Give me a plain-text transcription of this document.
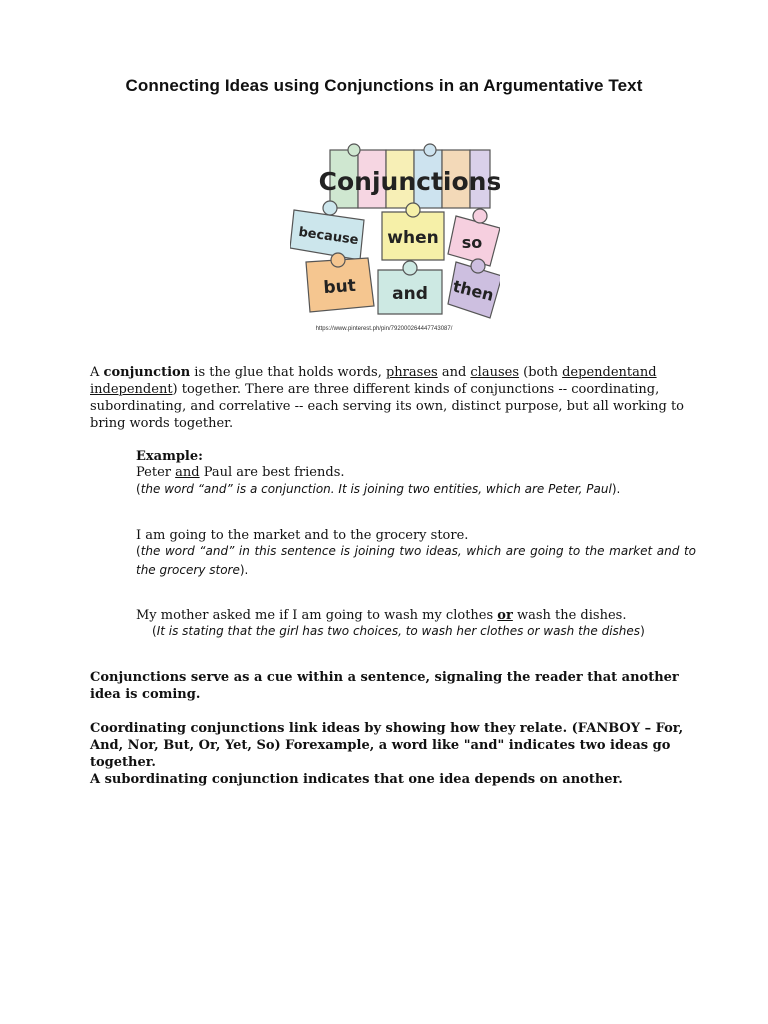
Connecting Ideas using Conjunctions in an Argumentative Text
Conjunctions
because when so
but and then
https://www.pinterest.ph/pin/792000264447743087/
A conjunction is the glue that holds words, phrases and clauses (both dependentand independent) together. There are three different kinds of conjunctions -- coordinating, subordinating, and correlative -- each serving its own, distinct purpose, but all working to bring words together.
Example:
Peter and Paul are best friends.
(the word “and” is a conjunction. It is joining two entities, which are Peter, Paul).
I am going to the market and to the grocery store.
(the word “and” in this sentence is joining two ideas, which are going to the market and to the grocery store).
My mother asked me if I am going to wash my clothes or wash the dishes.
(It is stating that the girl has two choices, to wash her clothes or wash the dishes)
Conjunctions serve as a cue within a sentence, signaling the reader that another idea is coming.
Coordinating conjunctions link ideas by showing how they relate. (FANBOY – For, And, Nor, But, Or, Yet, So) Forexample, a word like "and" indicates two ideas go together.
A subordinating conjunction indicates that one idea depends on another.
